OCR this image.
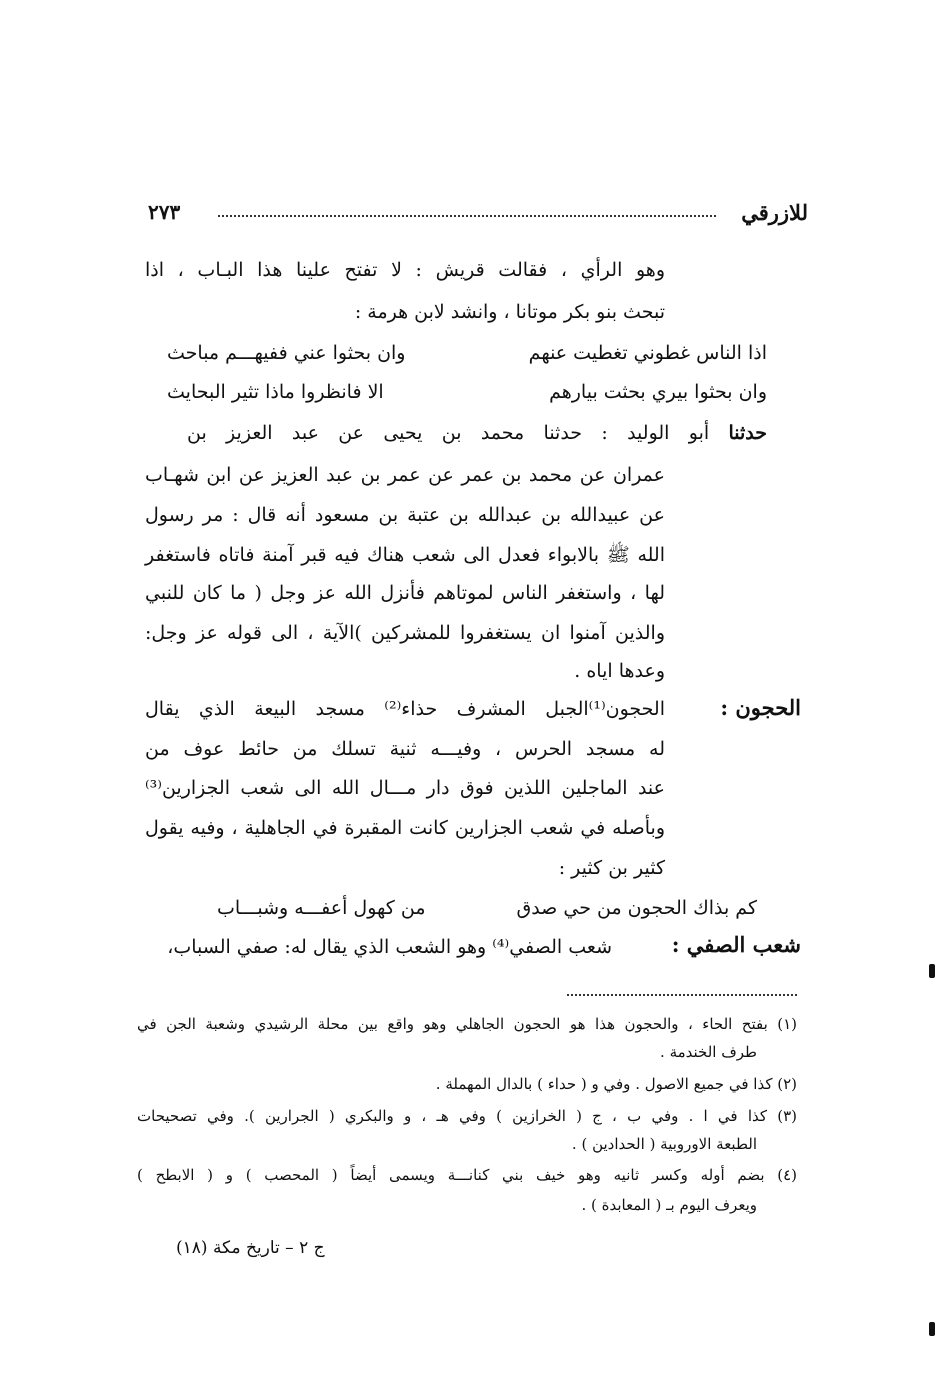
للازرقي
٢٧٣
وهو الرأي ، فقالت قريش : لا تفتح علينا هذا البـاب ، اذا
تبحث بنو بكر موتانا ، وانشد لابن هرمة :
اذا الناس غطوني تغطيت عنهم
وان بحثوا عني ففيهـــم مباحث
وان بحثوا بيري بحثت بيارهم
الا فانظروا ماذا تثير البحايث
حدثنا أبو الوليد : حدثنا محمد بن يحيى عن عبد العزيز بن
عمران عن محمد بن عمر عن عمر بن عبد العزيز عن ابن شهـاب
عن عبيدالله بن عبدالله بن عتبة بن مسعود أنه قال : مر رسول
الله ﷺ بالابواء فعدل الى شعب هناك فيه قبر آمنة فاتاه فاستغفر
لها ، واستغفر الناس لموتاهم فأنزل الله عز وجل ( ما كان للنبي
والذين آمنوا ان يستغفروا للمشركين )الآية ، الى قوله عز وجل:
وعدها اياه .
الحجون :
الحجون⁽¹⁾الجبل المشرف حذاء⁽²⁾ مسجد البيعة الذي يقال
له مسجد الحرس ، وفيـــه ثنية تسلك من حائط عوف من
عند الماجلين اللذين فوق دار مـــال الله الى شعب الجزارين⁽³⁾
وبأصله في شعب الجزارين كانت المقبرة في الجاهلية ، وفيه يقول
كثير بن كثير :
كم بذاك الحجون من حي صدق
من كهول أعفـــه وشبـــاب
شعب الصفي :
شعب الصفي⁽⁴⁾ وهو الشعب الذي يقال له: صفي السباب،
(١) بفتح الحاء ، والحجون هذا هو الحجون الجاهلي وهو واقع بين محلة الرشيدي وشعبة الجن في
طرف الخندمة .
(٢) كذا في جميع الاصول . وفي و ( حداء ) بالدال المهملة .
(٣) كذا في ا . وفي ب ، ج ( الخرازين ) وفي هـ ، و والبكري ( الجرارين ). وفي تصحيحات
الطبعة الاوروبية ( الحدادين ) .
(٤) بضم أوله وكسر ثانيه وهو خيف بني كنانـــة ويسمى أيضاً ( المحصب ) و ( الابطح )
ويعرف اليوم بـ ( المعابدة ) .
ج ٢ – تاريخ مكة (١٨)
